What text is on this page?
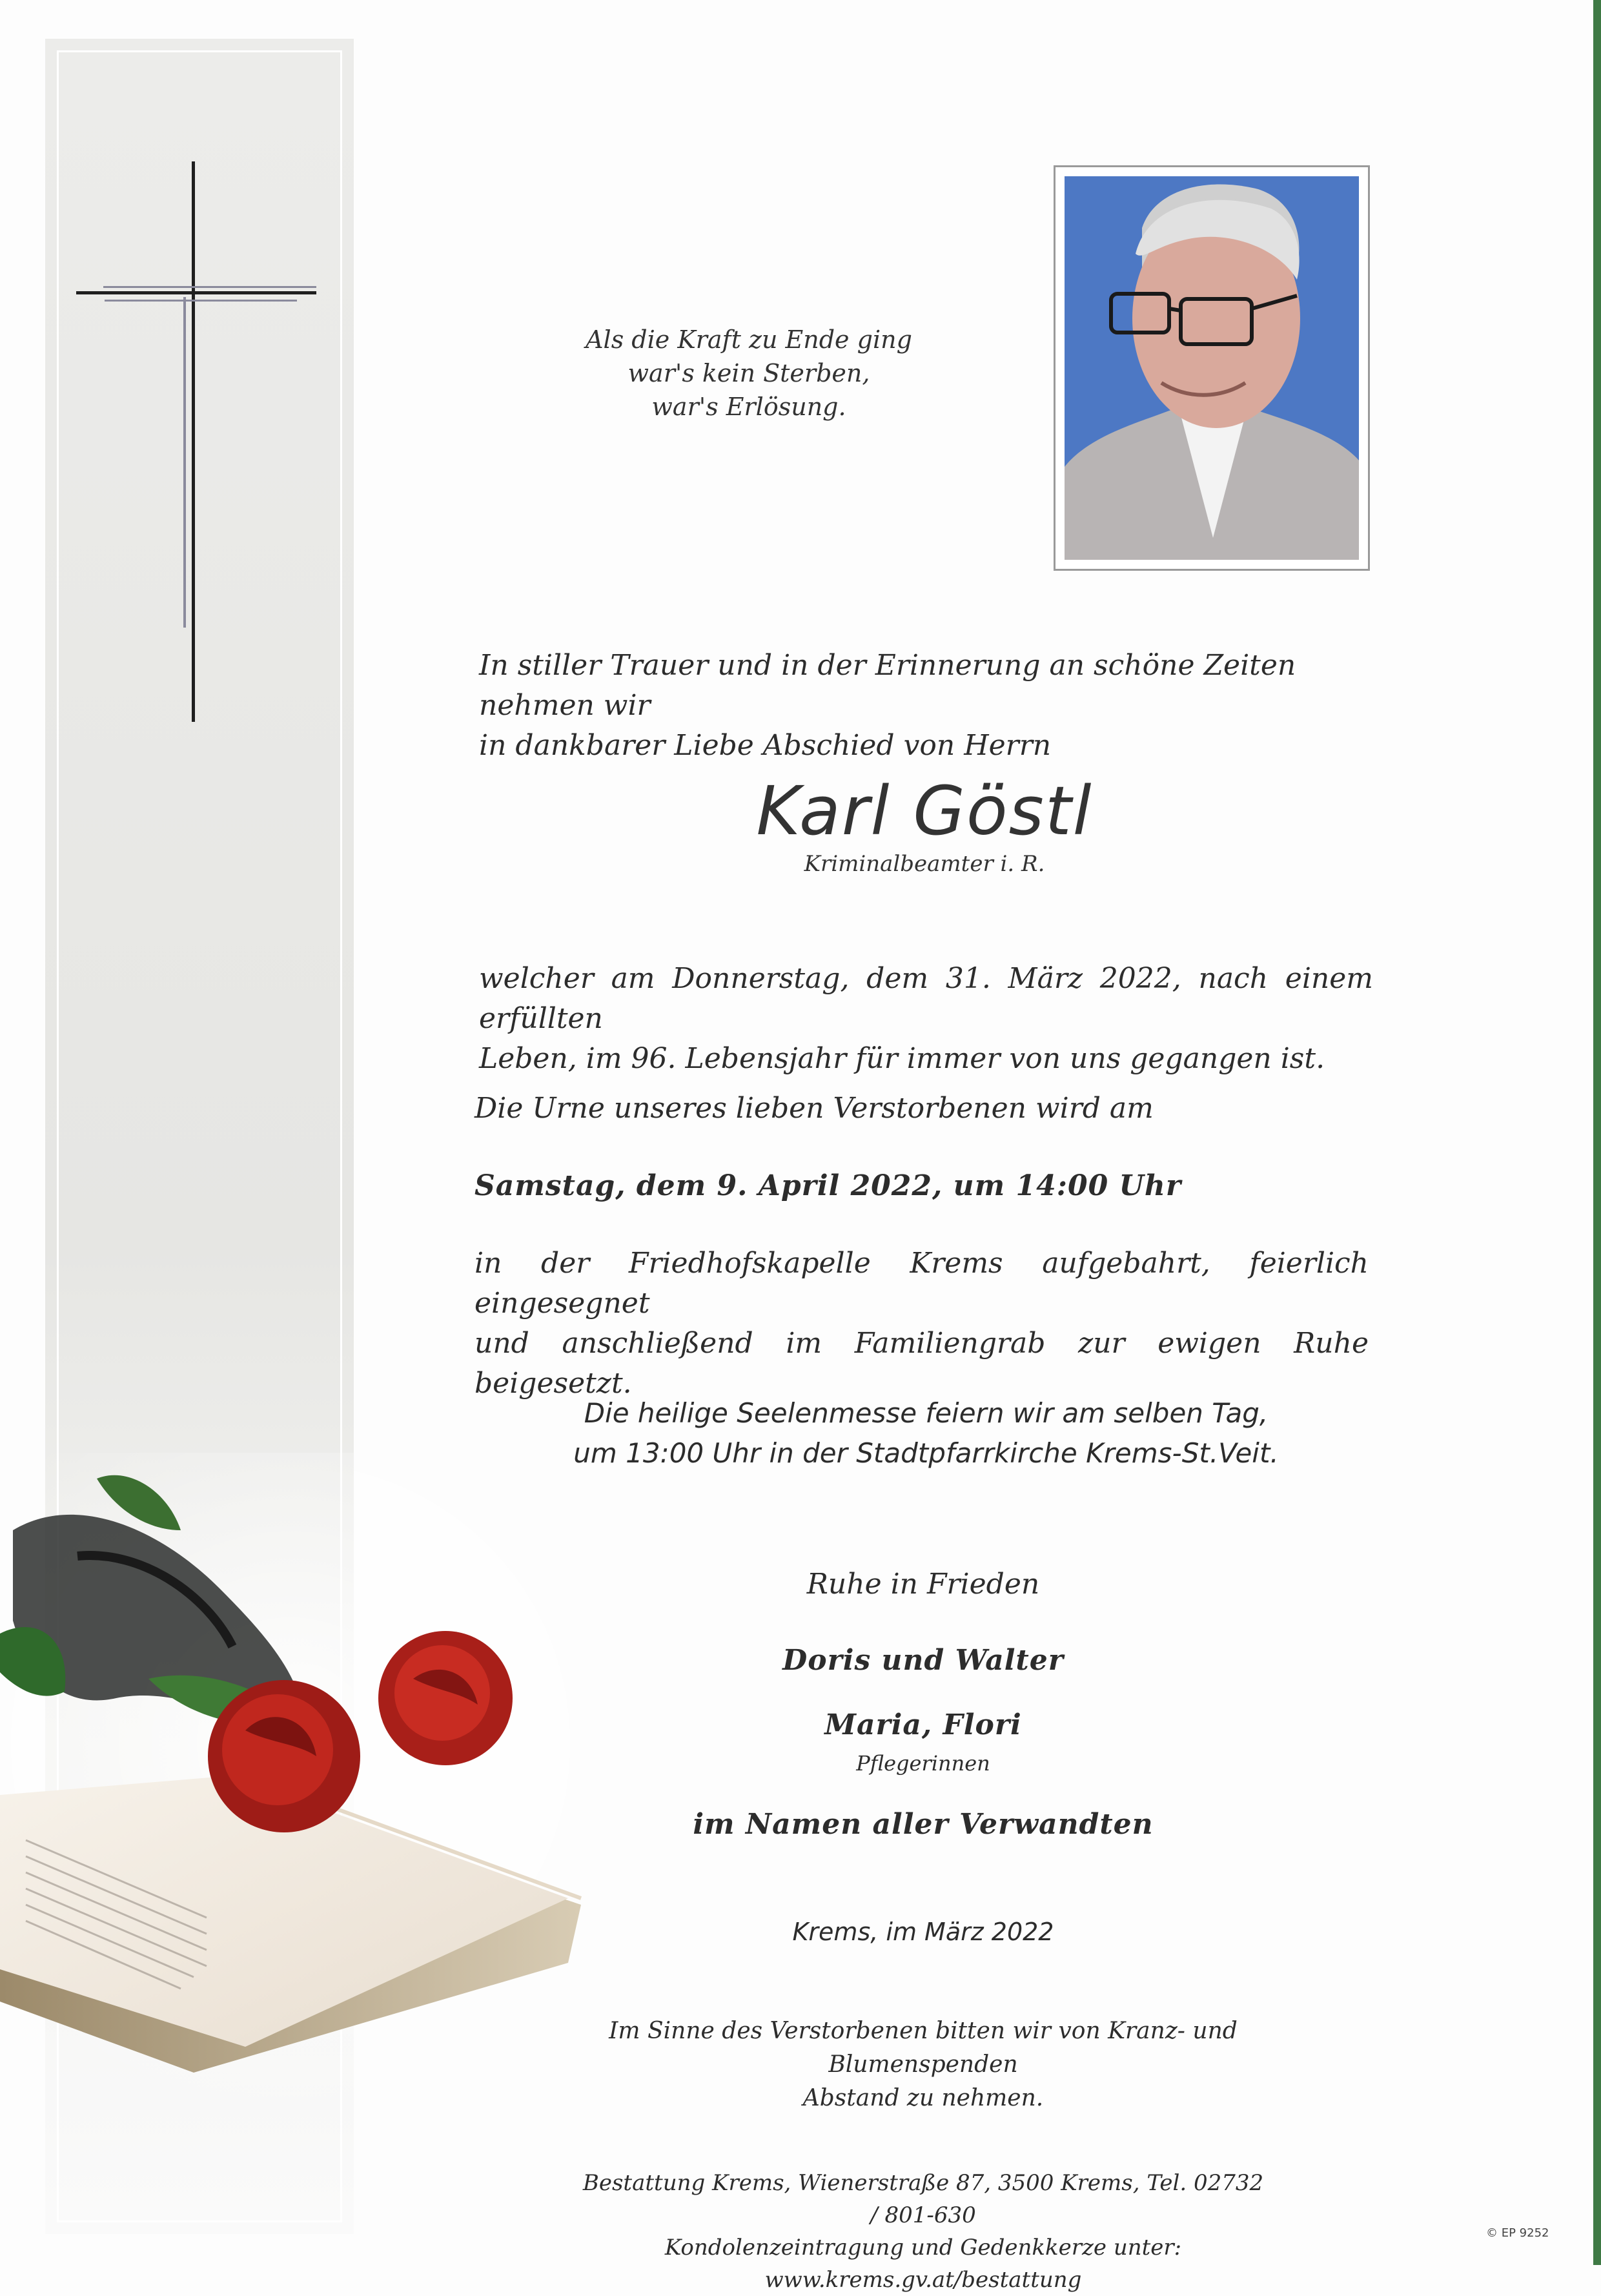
Als die Kraft zu Ende ging
war's kein Sterben,
war's Erlösung.
In stiller Trauer und in der Erinnerung an schöne Zeiten nehmen wir
in dankbarer Liebe Abschied von Herrn
Karl Göstl
Kriminalbeamter i. R.
welcher am Donnerstag, dem 31. März 2022, nach einem erfüllten
Leben, im 96. Lebensjahr für immer von uns gegangen ist.
Die Urne unseres lieben Verstorbenen wird am
Samstag, dem 9. April 2022, um 14:00 Uhr
in der Friedhofskapelle Krems aufgebahrt, feierlich eingesegnet
und anschließend im Familiengrab zur ewigen Ruhe beigesetzt.
Die heilige Seelenmesse feiern wir am selben Tag,
um 13:00 Uhr in der Stadtpfarrkirche Krems-St.Veit.
Ruhe in Frieden
Doris und Walter
Maria, Flori
Pflegerinnen
im Namen aller Verwandten
Krems, im März 2022
Im Sinne des Verstorbenen bitten wir von Kranz- und Blumenspenden
Abstand zu nehmen.
Bestattung Krems, Wienerstraße 87, 3500 Krems, Tel. 02732 / 801-630
Kondolenzeintragung und Gedenkkerze unter: www.krems.gv.at/bestattung
© EP 9252
